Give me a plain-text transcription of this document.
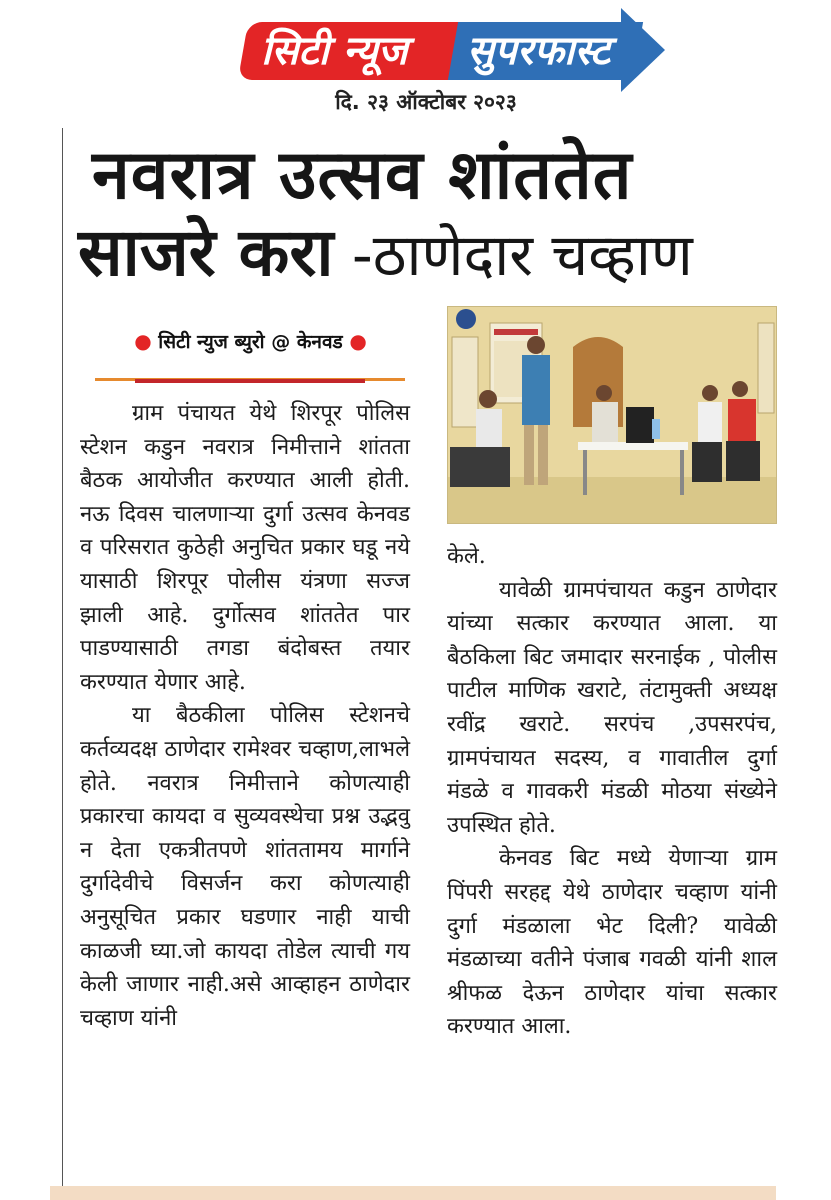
सिटी न्यूज सुपरफास्ट
दि. २३ ऑक्टोबर २०२३
नवरात्र उत्सव शांततेत
साजरे करा -ठाणेदार चव्हाण
● सिटी न्युज ब्युरो @ केनवड ●

ग्राम पंचायत येथे शिरपूर पोलिस स्टेशन कडुन नवरात्र निमीत्ताने शांतता बैठक आयोजीत करण्यात आली होती. नऊ दिवस चालणाऱ्या दुर्गा उत्सव केनवड व परिसरात कुठेही अनुचित प्रकार घडू नये यासाठी शिरपूर पोलीस यंत्रणा सज्ज झाली आहे. दुर्गोत्सव शांततेत पार पाडण्यासाठी तगडा बंदोबस्त तयार करण्यात येणार आहे.

या बैठकीला पोलिस स्टेशनचे कर्तव्यदक्ष ठाणेदार रामेश्वर चव्हाण,लाभले होते. नवरात्र निमीत्ताने कोणत्याही प्रकारचा कायदा व सुव्यवस्थेचा प्रश्न उद्भवु न देता एकत्रीतपणे शांततामय मार्गाने दुर्गादेवीचे विसर्जन करा कोणत्याही अनुसूचित प्रकार घडणार नाही याची काळजी घ्या.जो कायदा तोडेल त्याची गय केली जाणार नाही.असे आव्हाहन ठाणेदार चव्हाण यांनी

केले.

यावेळी ग्रामपंचायत कडुन ठाणेदार यांच्या सत्कार करण्यात आला. या बैठकिला बिट जमादार सरनाईक , पोलीस पाटील माणिक खराटे, तंटामुक्ती अध्यक्ष रवींद्र खराटे. सरपंच ,उपसरपंच, ग्रामपंचायत सदस्य, व गावातील दुर्गा मंडळे व गावकरी मंडळी मोठया संख्येने उपस्थित होते.

केनवड बिट मध्ये येणाऱ्या ग्राम पिंपरी सरहद्द येथे ठाणेदार चव्हाण यांनी दुर्गा मंडळाला भेट दिली? यावेळी मंडळाच्या वतीने पंजाब गवळी यांनी शाल श्रीफळ देऊन ठाणेदार यांचा सत्कार करण्यात आला.
